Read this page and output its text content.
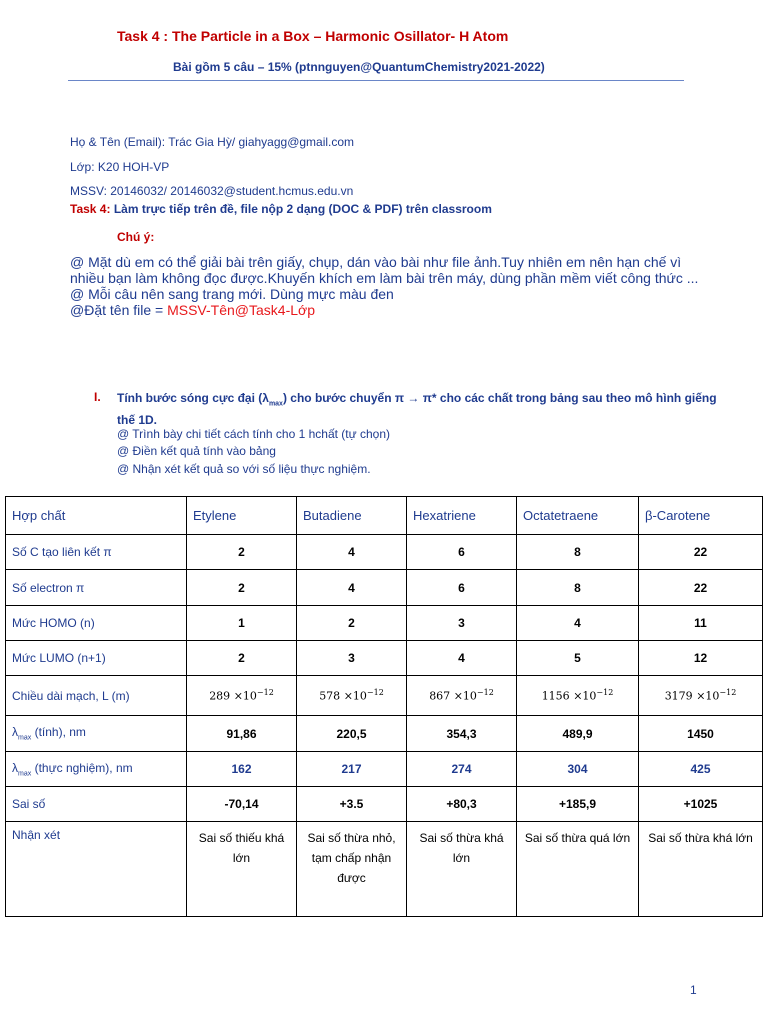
Task 4 : The Particle in a Box – Harmonic Osillator- H Atom
Bài gồm 5 câu – 15% (ptnnguyen@QuantumChemistry2021-2022)
Họ & Tên (Email): Trác Gia Hỳ/ giahyagg@gmail.com
Lớp: K20 HOH-VP
MSSV: 20146032/ 20146032@student.hcmus.edu.vn
Task 4: Làm trực tiếp trên đề, file nộp 2 dạng (DOC & PDF) trên classroom
Chú ý:
@ Mặt dù em có thể giải bài trên giấy, chụp, dán vào bài như file ảnh.Tuy nhiên em nên hạn chế vì nhiều bạn làm không đọc được.Khuyến khích em làm bài trên máy, dùng phần mềm viết công thức ...
@ Mỗi câu nên sang trang mới. Dùng mực màu đen
@Đặt tên file = MSSV-Tên@Task4-Lớp
I. Tính bước sóng cực đại $(\lambda_{max})$ cho bước chuyển π → π* cho các chất trong bảng sau theo mô hình giếng thế 1D.
@ Trình bày chi tiết cách tính cho 1 hchất (tự chọn)
@ Điền kết quả tính vào bảng
@ Nhận xét kết quả so với số liệu thực nghiệm.
Hợp chất	Etylene	Butadiene	Hexatriene	Octatetraene	β-Carotene
Số C tạo liên kết π	2	4	6	8	22
Số electron π	2	4	6	8	22
Mức HOMO (n)	1	2	3	4	11
Mức LUMO (n+1)	2	3	4	5	12
Chiều dài mạch, L (m)	$289 \times 10^{-12}$	$578 \times 10^{-12}$	$867 \times 10^{-12}$	$1156 \times 10^{-12}$	$3179 \times 10^{-12}$
$\lambda_{max}$ (tính), nm	91,86	220,5	354,3	489,9	1450
$\lambda_{max}$ (thực nghiệm), nm	162	217	274	304	425
Sai số	-70,14	+3.5	+80,3	+185,9	+1025
Nhận xét	Sai số thiếu khá lớn	Sai số thừa nhỏ, tạm chấp nhận được	Sai số thừa khá lớn	Sai số thừa quá lớn	Sai số thừa khá lớn
1
